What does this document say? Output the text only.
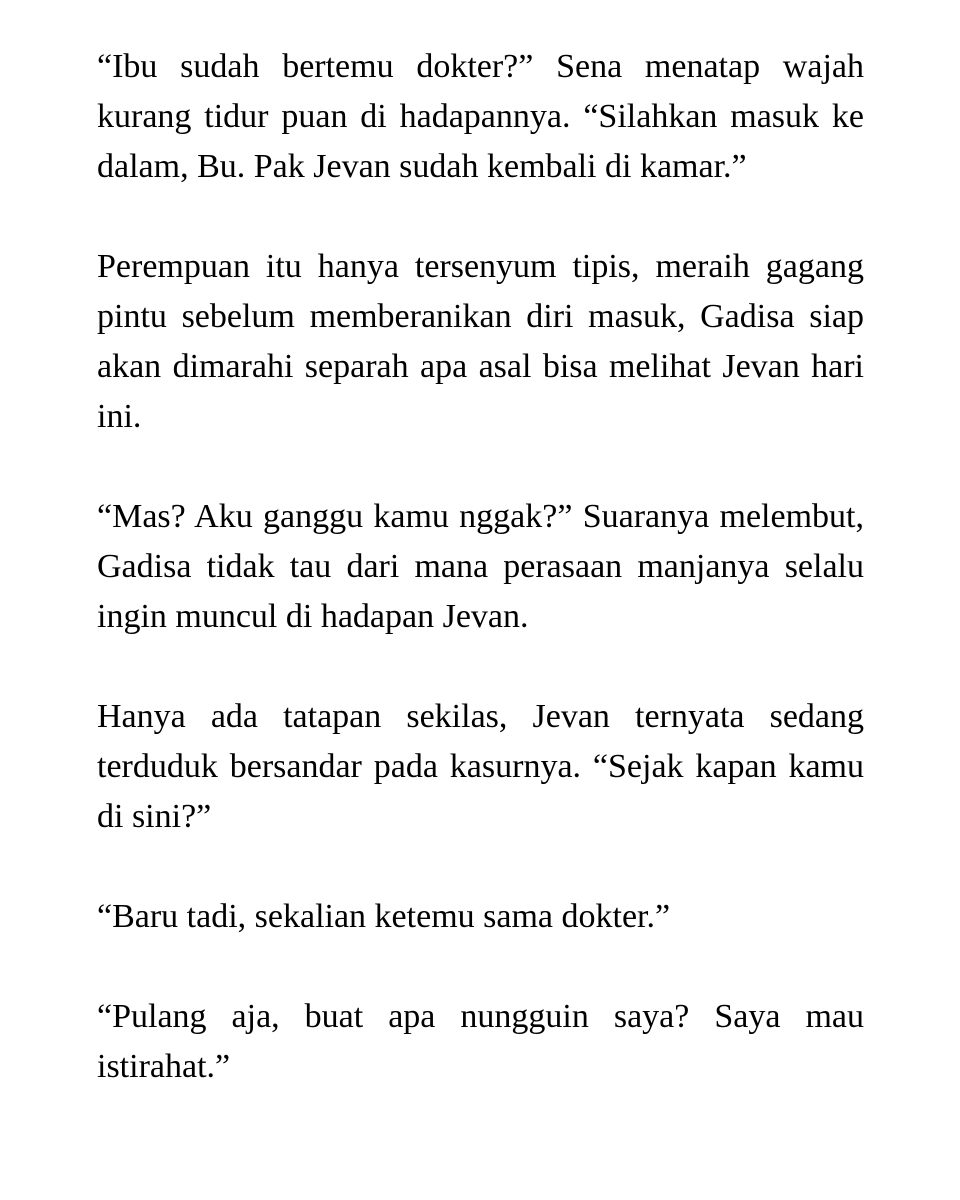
“Ibu sudah bertemu dokter?” Sena menatap wajah kurang tidur puan di hadapannya. “Silahkan masuk ke dalam, Bu. Pak Jevan sudah kembali di kamar.”

Perempuan itu hanya tersenyum tipis, meraih gagang pintu sebelum memberanikan diri masuk, Gadisa siap akan dimarahi separah apa asal bisa melihat Jevan hari ini.

“Mas? Aku ganggu kamu nggak?” Suaranya melembut, Gadisa tidak tau dari mana perasaan manjanya selalu ingin muncul di hadapan Jevan.

Hanya ada tatapan sekilas, Jevan ternyata sedang terduduk bersandar pada kasurnya. “Sejak kapan kamu di sini?”

“Baru tadi, sekalian ketemu sama dokter.”

“Pulang aja, buat apa nungguin saya? Saya mau istirahat.”
